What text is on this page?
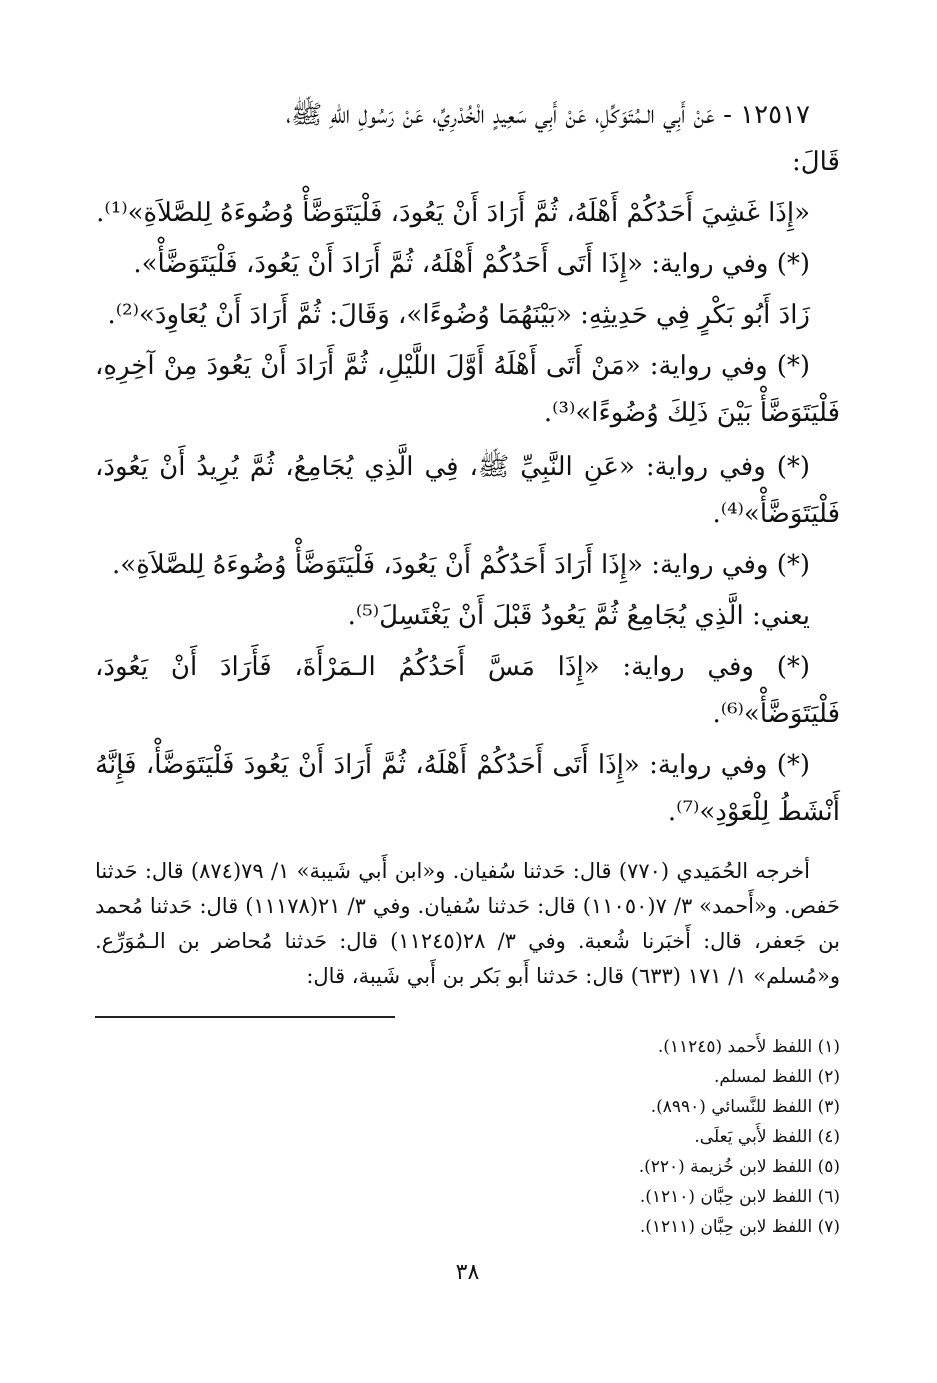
١٢٥١٧ - عَنْ أَبِي الـمُتَوَكِّلِ، عَنْ أَبِي سَعِيدٍ الْخُدْرِيِّ، عَنْ رَسُولِ اللهِ ﷺ،
قَالَ:

«إِذَا غَشِيَ أَحَدُكُمْ أَهْلَهُ، ثُمَّ أَرَادَ أَنْ يَعُودَ، فَلْيَتَوَضَّأْ وُضُوءَهُ لِلصَّلاَةِ»⁽¹⁾.

(*) وفي رواية: «إِذَا أَتَى أَحَدُكُمْ أَهْلَهُ، ثُمَّ أَرَادَ أَنْ يَعُودَ، فَلْيَتَوَضَّأْ».

زَادَ أَبُو بَكْرٍ فِي حَدِيثِهِ: «بَيْنَهُمَا وُضُوءًا»، وَقَالَ: ثُمَّ أَرَادَ أَنْ يُعَاوِدَ»⁽²⁾.

(*) وفي رواية: «مَنْ أَتَى أَهْلَهُ أَوَّلَ اللَّيْلِ، ثُمَّ أَرَادَ أَنْ يَعُودَ مِنْ آخِرِهِ، فَلْيَتَوَضَّأْ بَيْنَ ذَلِكَ وُضُوءًا»⁽³⁾.

(*) وفي رواية: «عَنِ النَّبِيِّ ﷺ، فِي الَّذِي يُجَامِعُ، ثُمَّ يُرِيدُ أَنْ يَعُودَ، فَلْيَتَوَضَّأْ»⁽⁴⁾.

(*) وفي رواية: «إِذَا أَرَادَ أَحَدُكُمْ أَنْ يَعُودَ، فَلْيَتَوَضَّأْ وُضُوءَهُ لِلصَّلاَةِ».

يعني: الَّذِي يُجَامِعُ ثُمَّ يَعُودُ قَبْلَ أَنْ يَغْتَسِلَ⁽⁵⁾.

(*) وفي رواية: «إِذَا مَسَّ أَحَدُكُمُ الـمَرْأَةَ، فَأَرَادَ أَنْ يَعُودَ، فَلْيَتَوَضَّأْ»⁽⁶⁾.

(*) وفي رواية: «إِذَا أَتَى أَحَدُكُمْ أَهْلَهُ، ثُمَّ أَرَادَ أَنْ يَعُودَ فَلْيَتَوَضَّأْ، فَإِنَّهُ أَنْشَطُ لِلْعَوْدِ»⁽⁷⁾.

أخرجه الحُمَيدي (٧٧٠) قال: حَدثنا سُفيان. و«ابن أَبي شَيبة» ١/ ٧٩(٨٧٤) قال: حَدثنا حَفص. و«أَحمد» ٣/ ٧(١١٠٥٠) قال: حَدثنا سُفيان. وفي ٣/ ٢١(١١١٧٨) قال: حَدثنا مُحمد بن جَعفر، قال: أَخبَرنا شُعبة. وفي ٣/ ٢٨(١١٢٤٥) قال: حَدثنا مُحاضر بن الـمُوَرِّع. و«مُسلم» ١/ ١٧١ (٦٣٣) قال: حَدثنا أَبو بَكر بن أَبي شَيبة، قال:

(١) اللفظ لأَحمد (١١٢٤٥).

(٢) اللفظ لمسلم.

(٣) اللفظ للنَّسائي (٨٩٩٠).

(٤) اللفظ لأَبي يَعلَى.

(٥) اللفظ لابن خُزيمة (٢٢٠).

(٦) اللفظ لابن حِبَّان (١٢١٠).

(٧) اللفظ لابن حِبَّان (١٢١١).

٣٨
